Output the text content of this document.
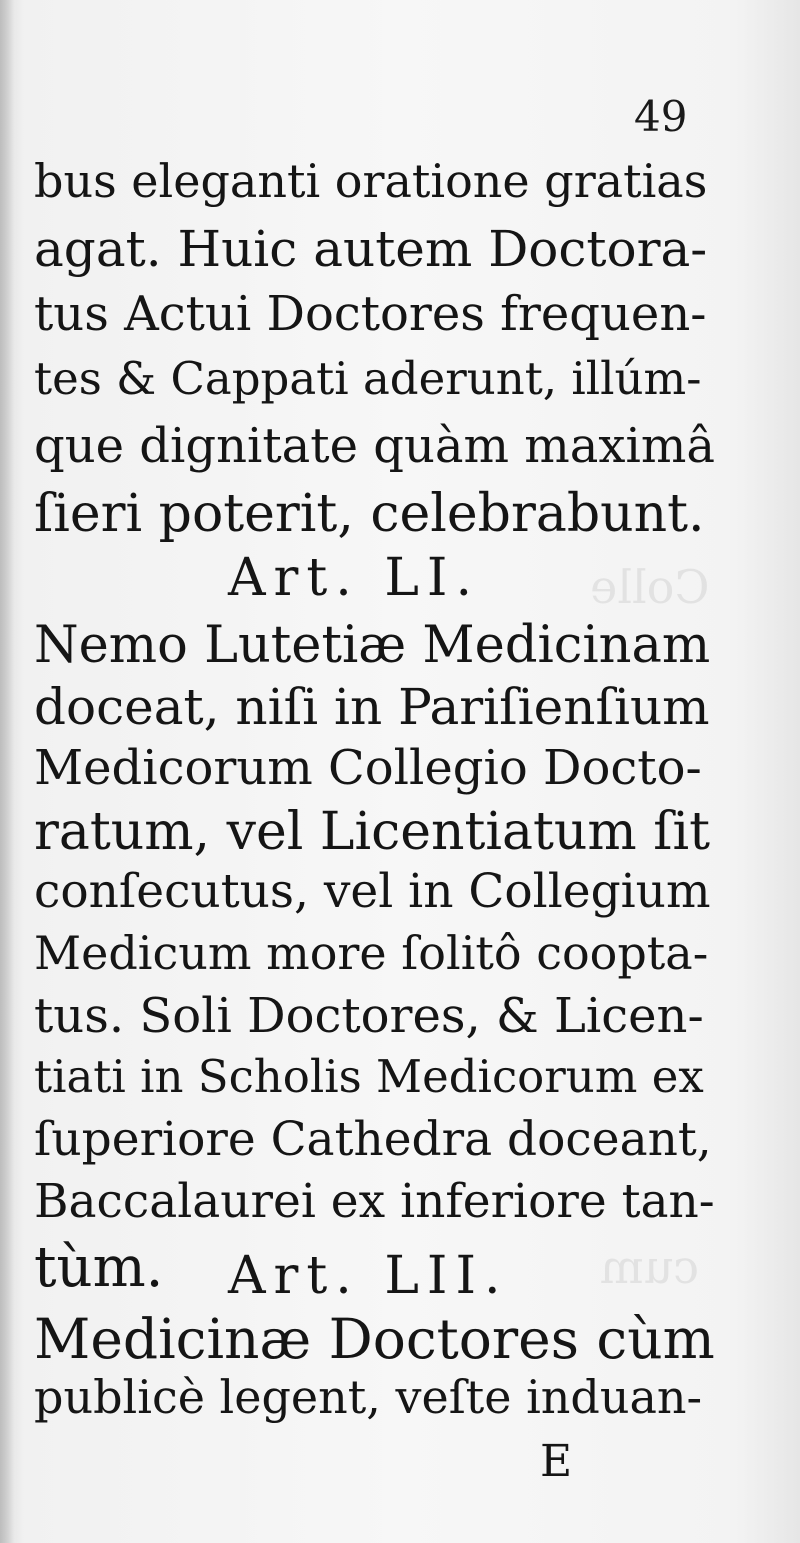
Colle
cum
49
bus eleganti oratione gratias
agat. Huic autem Doctora-
tus Actui Doctores frequen-
tes & Cappati aderunt, illúm-
que dignitate quàm maximâ
ſieri poterit, celebrabunt.
Art. LI.
Nemo Lutetiæ Medicinam
doceat, niſi in Pariſienſium
Medicorum Collegio Docto-
ratum, vel Licentiatum ſit
conſecutus, vel in Collegium
Medicum more ſolitô coopta-
tus. Soli Doctores, & Licen-
tiati in Scholis Medicorum ex
ſuperiore Cathedra doceant,
Baccalaurei ex inferiore tan-
tùm. Art. LII.
Medicinæ Doctores cùm
publicè legent, veſte induan-
E
